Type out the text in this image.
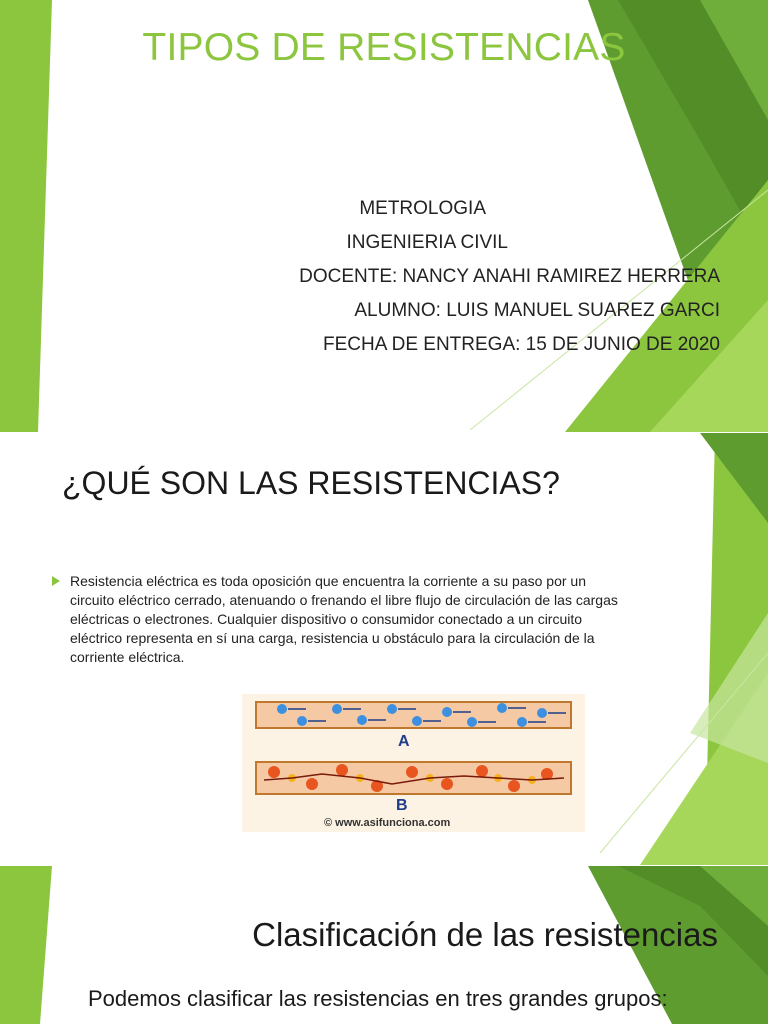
TIPOS DE RESISTENCIAS
METROLOGIA
INGENIERIA CIVIL
DOCENTE: NANCY ANAHI RAMIREZ HERRERA
ALUMNO: LUIS MANUEL SUAREZ GARCI
FECHA DE ENTREGA: 15 DE JUNIO DE 2020
¿QUÉ SON LAS RESISTENCIAS?

Resistencia eléctrica es toda oposición que encuentra la corriente a su paso por un circuito eléctrico cerrado, atenuando o frenando el libre flujo de circulación de las cargas eléctricas o electrones. Cualquier dispositivo o consumidor conectado a un circuito eléctrico representa en sí una carga, resistencia u obstáculo para la circulación de la corriente eléctrica.

A
B
© www.asifunciona.com
Clasificación de las resistencias
Podemos clasificar las resistencias en tres grandes grupos:
